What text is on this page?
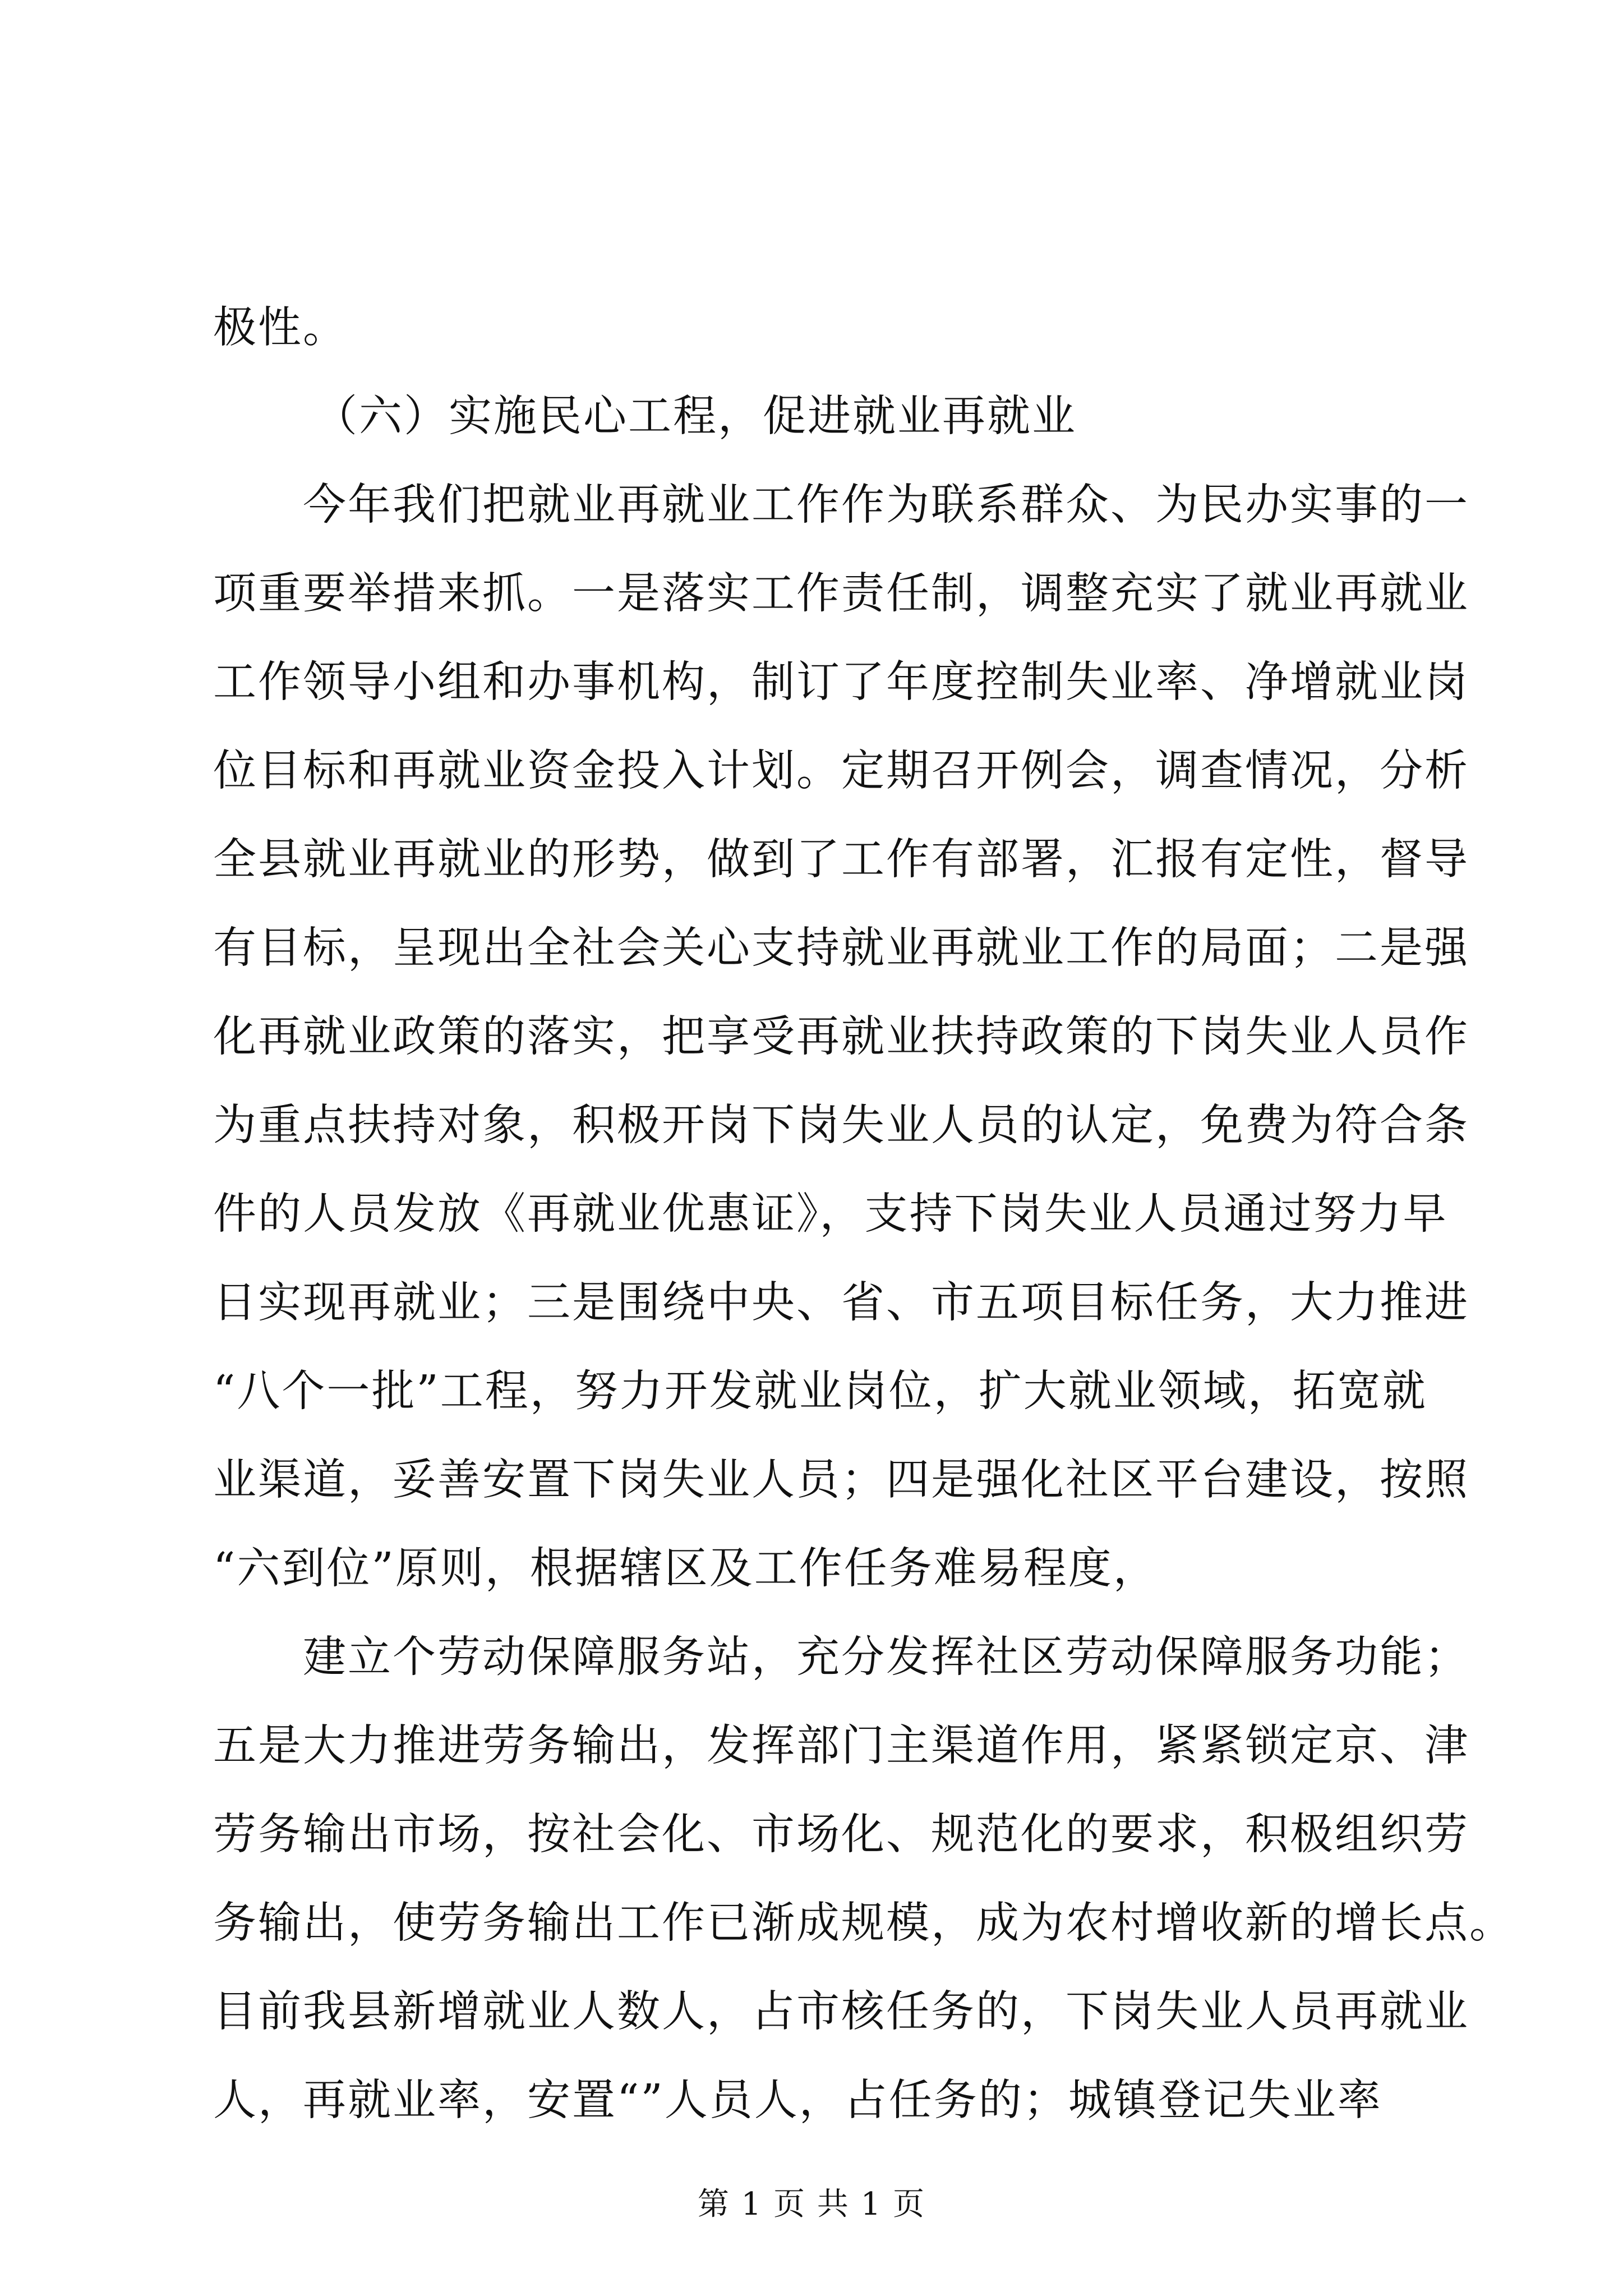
极性。
（六）实施民心工程，促进就业再就业
今年我们把就业再就业工作作为联系群众、为民办实事的一
项重要举措来抓。一是落实工作责任制，调整充实了就业再就业
工作领导小组和办事机构，制订了年度控制失业率、净增就业岗
位目标和再就业资金投入计划。定期召开例会，调查情况，分析
全县就业再就业的形势，做到了工作有部署，汇报有定性，督导
有目标，呈现出全社会关心支持就业再就业工作的局面；二是强
化再就业政策的落实，把享受再就业扶持政策的下岗失业人员作
为重点扶持对象，积极开岗下岗失业人员的认定，免费为符合条
件的人员发放《再就业优惠证》，支持下岗失业人员通过努力早
日实现再就业；三是围绕中央、省、市五项目标任务，大力推进
“八个一批”工程，努力开发就业岗位，扩大就业领域，拓宽就
业渠道，妥善安置下岗失业人员；四是强化社区平台建设，按照
“六到位”原则，根据辖区及工作任务难易程度，
建立个劳动保障服务站，充分发挥社区劳动保障服务功能；
五是大力推进劳务输出，发挥部门主渠道作用，紧紧锁定京、津
劳务输出市场，按社会化、市场化、规范化的要求，积极组织劳
务输出，使劳务输出工作已渐成规模，成为农村增收新的增长点。
目前我县新增就业人数人，占市核任务的，下岗失业人员再就业
人，再就业率，安置“”人员人，占任务的；城镇登记失业率
第 1 页 共 1 页
